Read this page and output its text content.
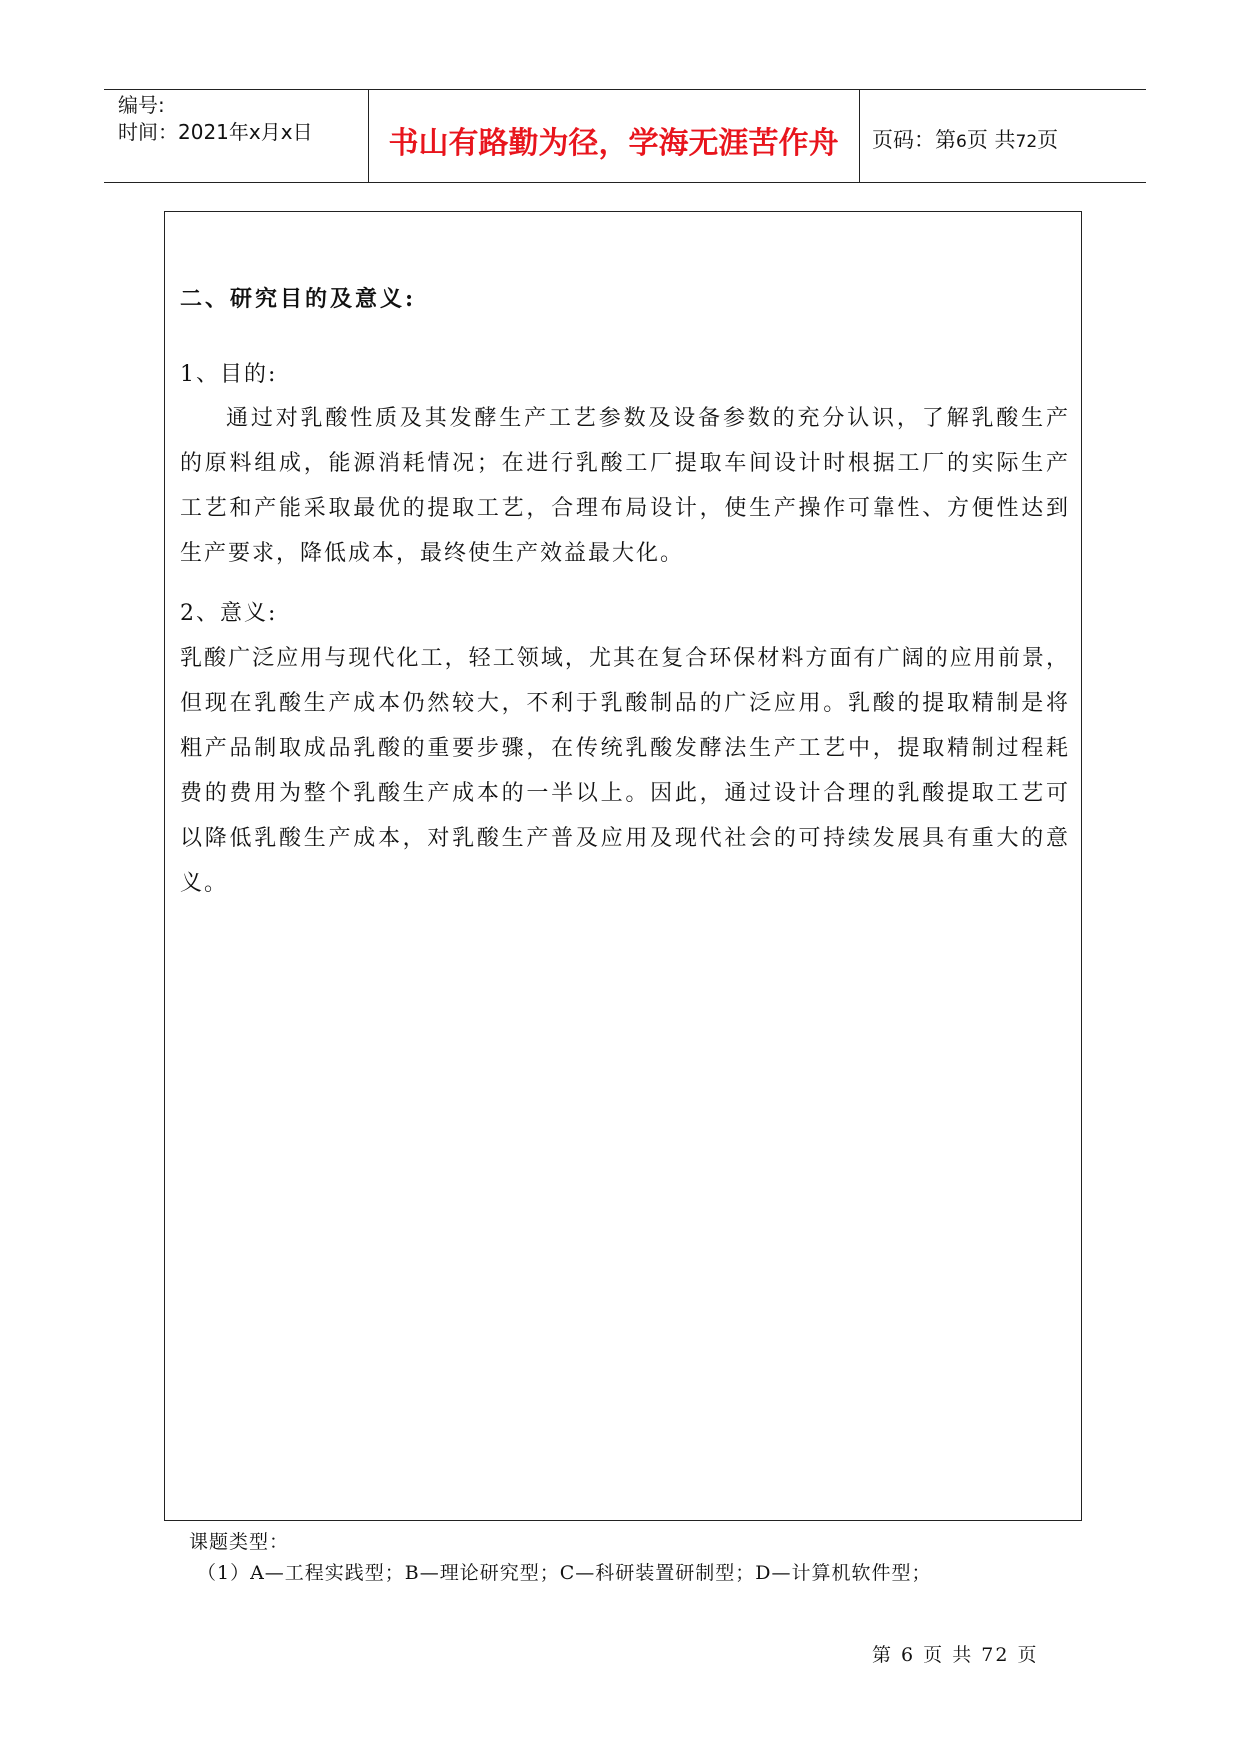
编号:
时间：2021年x月x日	书山有路勤为径，学海无涯苦作舟	页码：第6页 共72页
二、研究目的及意义:
1、目的:
通过对乳酸性质及其发酵生产工艺参数及设备参数的充分认识，了解乳酸生产
的原料组成，能源消耗情况；在进行乳酸工厂提取车间设计时根据工厂的实际生产
工艺和产能采取最优的提取工艺，合理布局设计，使生产操作可靠性、方便性达到
生产要求，降低成本，最终使生产效益最大化。
2、意义:
乳酸广泛应用与现代化工，轻工领域，尤其在复合环保材料方面有广阔的应用前景，
但现在乳酸生产成本仍然较大，不利于乳酸制品的广泛应用。乳酸的提取精制是将
粗产品制取成品乳酸的重要步骤，在传统乳酸发酵法生产工艺中，提取精制过程耗
费的费用为整个乳酸生产成本的一半以上。因此，通过设计合理的乳酸提取工艺可
以降低乳酸生产成本，对乳酸生产普及应用及现代社会的可持续发展具有重大的意
义。
课题类型：
（1）A—工程实践型；B—理论研究型；C—科研装置研制型；D—计算机软件型；
第 6 页 共 72 页
